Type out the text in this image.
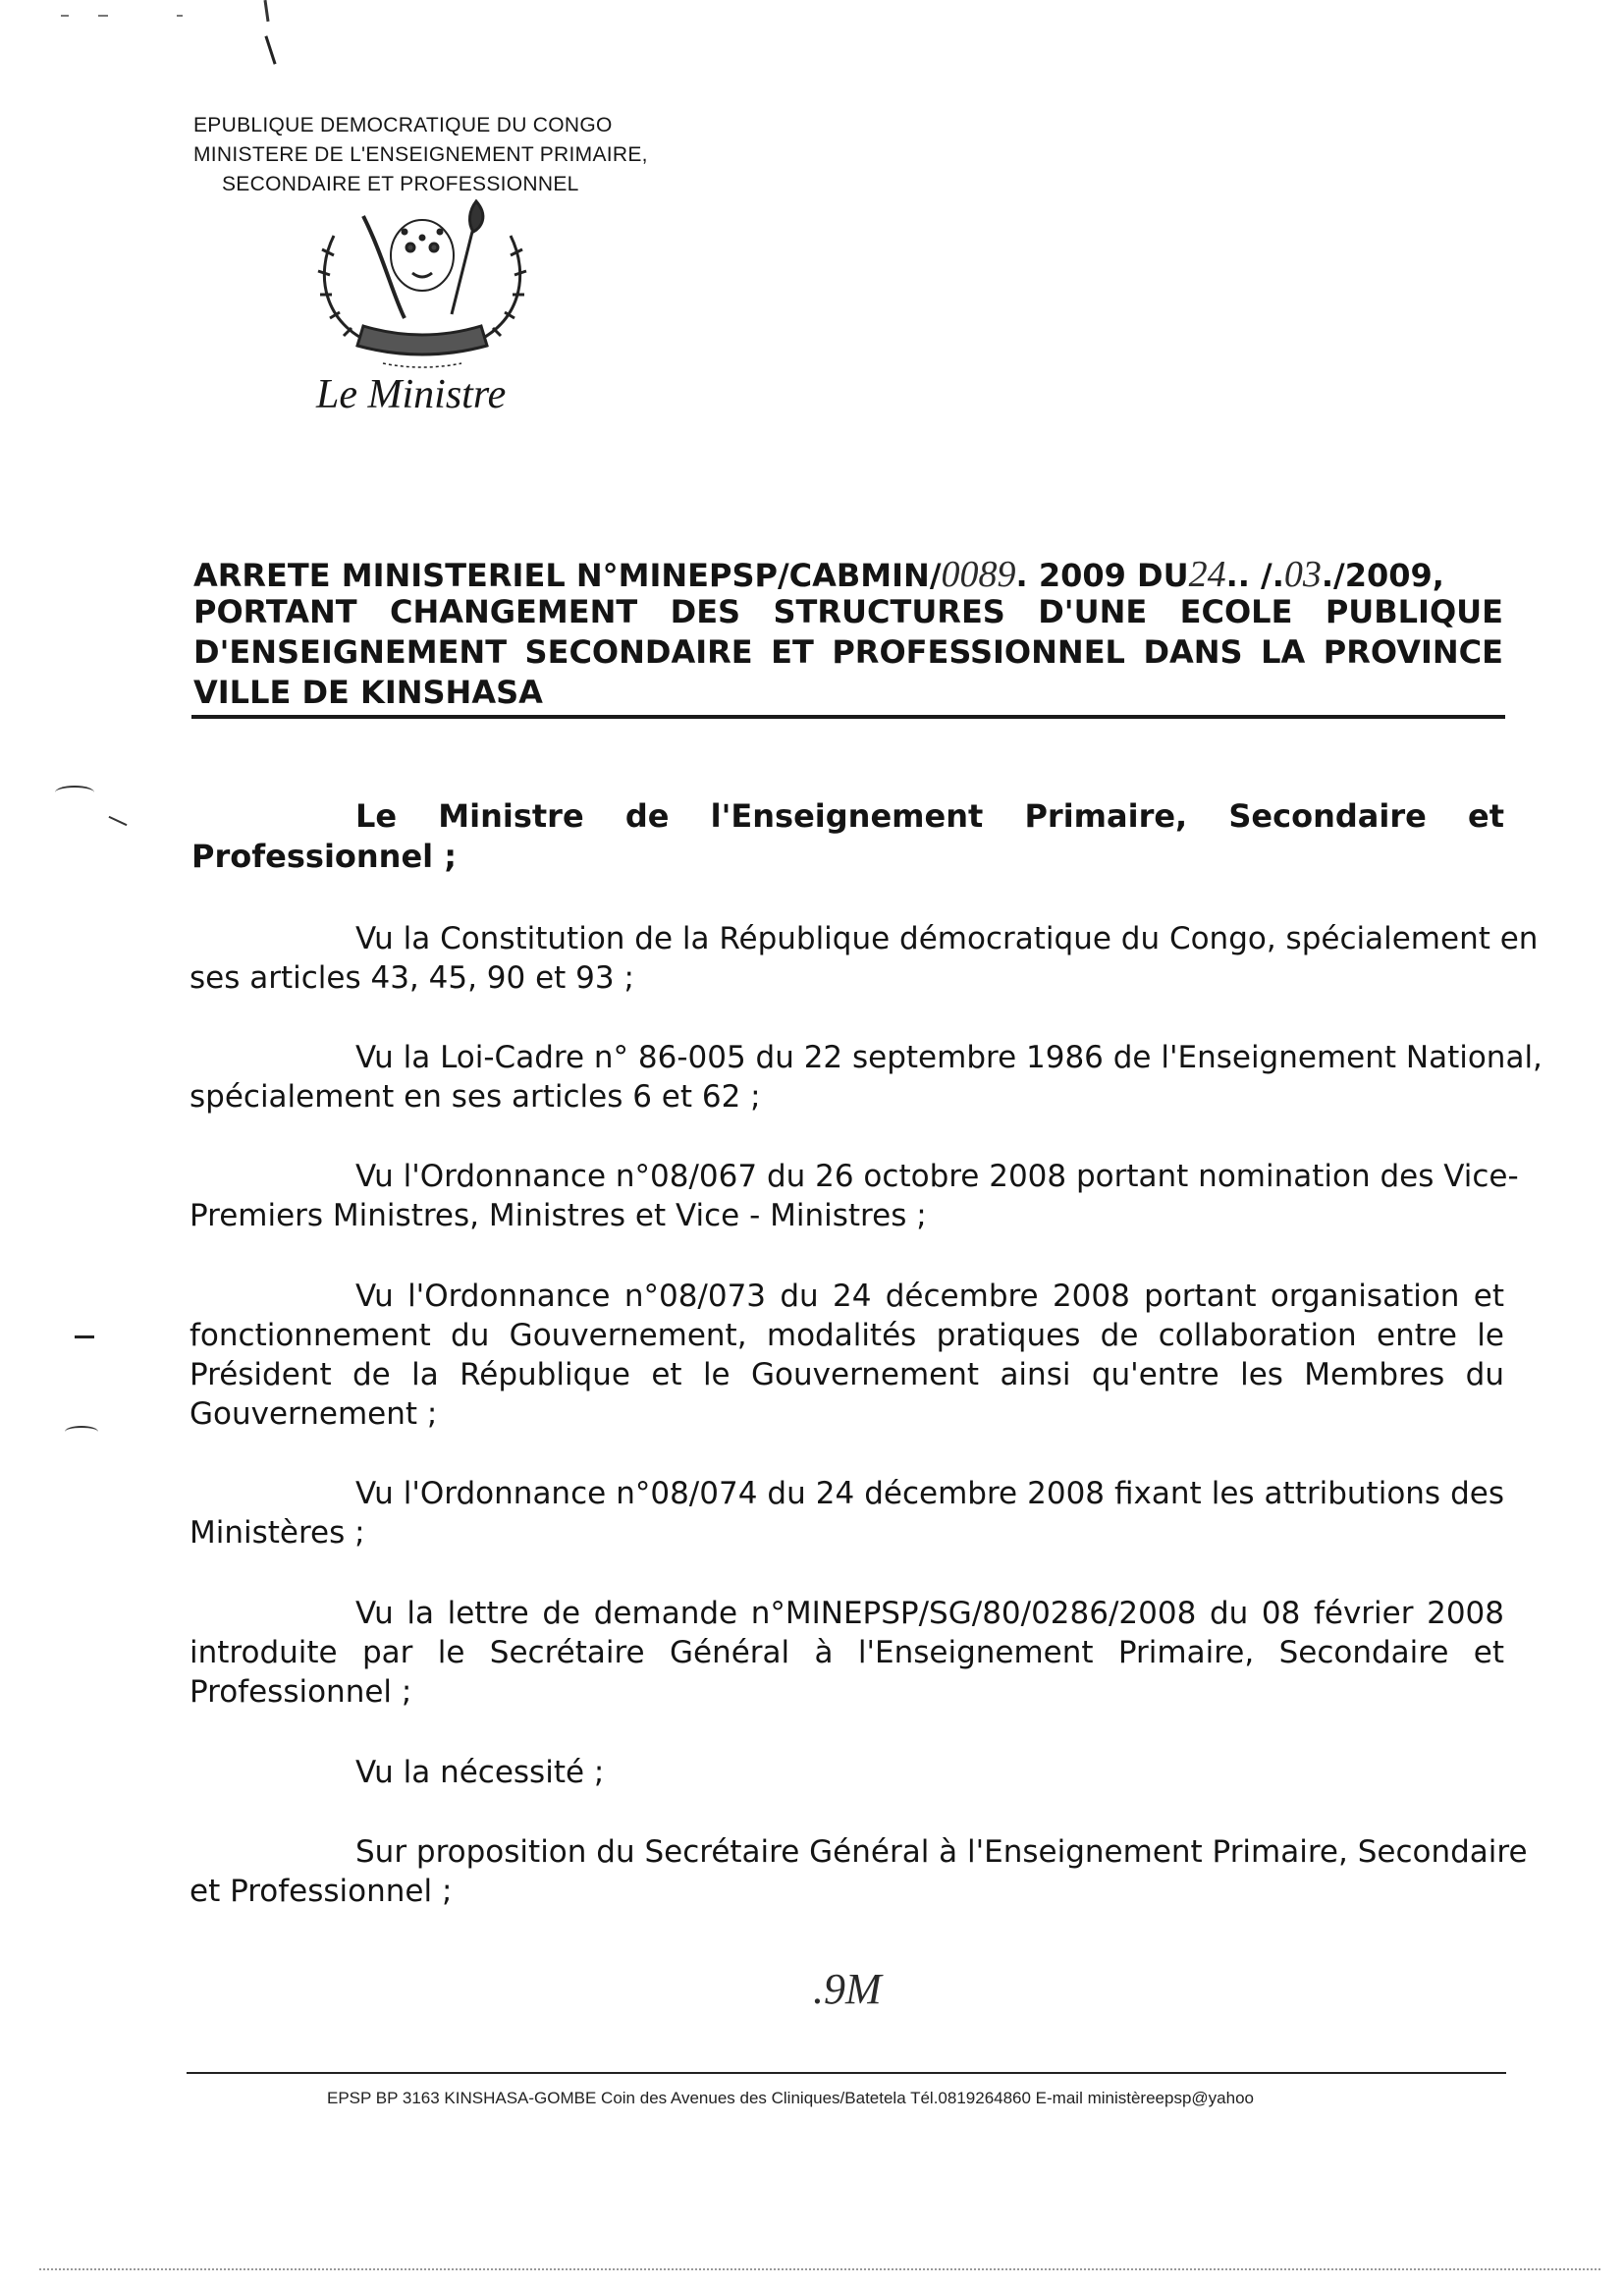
EPUBLIQUE DEMOCRATIQUE DU CONGO
MINISTERE DE L'ENSEIGNEMENT PRIMAIRE,
SECONDAIRE ET PROFESSIONNEL
Le Ministre
ARRETE MINISTERIEL N°MINEPSP/CABMIN/0089. 2009 DU24.. /.03./2009,
PORTANT CHANGEMENT DES STRUCTURES D'UNE ECOLE PUBLIQUE
D'ENSEIGNEMENT SECONDAIRE ET PROFESSIONNEL DANS LA PROVINCE
VILLE DE KINSHASA
Le Ministre de l'Enseignement Primaire, Secondaire et
Professionnel ;
Vu la Constitution de la République démocratique du Congo, spécialement en
ses articles 43, 45, 90 et 93 ;
Vu la Loi-Cadre n° 86-005 du 22 septembre 1986 de l'Enseignement National,
spécialement en ses articles 6 et 62 ;
Vu l'Ordonnance n°08/067 du 26 octobre 2008 portant nomination des Vice-
Premiers Ministres, Ministres et Vice - Ministres ;
Vu l'Ordonnance n°08/073 du 24 décembre 2008 portant organisation et
fonctionnement du Gouvernement, modalités pratiques de collaboration entre le
Président de la République et le Gouvernement ainsi qu'entre les Membres du
Gouvernement ;
Vu l'Ordonnance n°08/074 du 24 décembre 2008 fixant les attributions des
Ministères ;
Vu la lettre de demande n°MINEPSP/SG/80/0286/2008 du 08 février 2008
introduite par le Secrétaire Général à l'Enseignement Primaire, Secondaire et
Professionnel ;
Vu la nécessité ;
Sur proposition du Secrétaire Général à l'Enseignement Primaire, Secondaire
et Professionnel ;
.9M
EPSP BP 3163 KINSHASA-GOMBE Coin des Avenues des Cliniques/Batetela Tél.0819264860 E-mail ministèreepsp@yahoo
